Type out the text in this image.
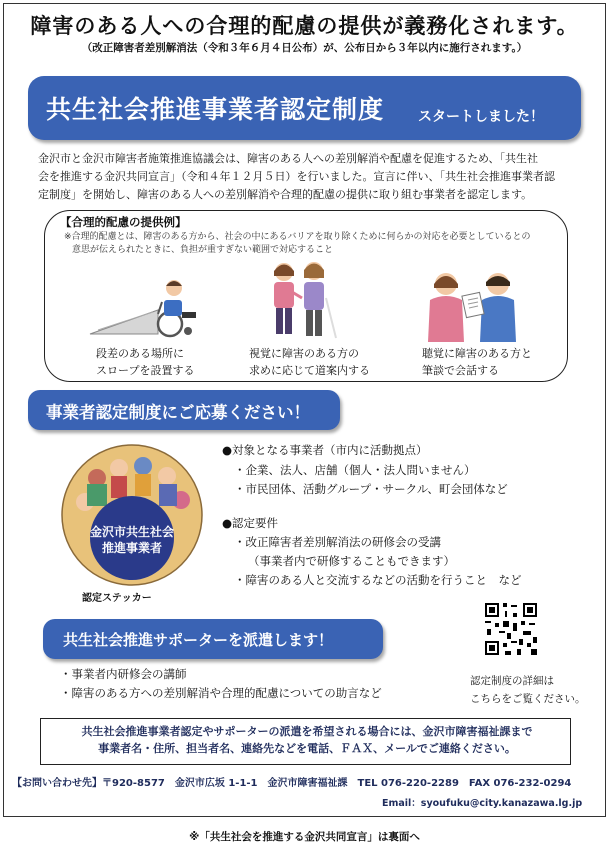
障害のある人への合理的配慮の提供が義務化されます。
（改正障害者差別解消法（令和３年６月４日公布）が、公布日から３年以内に施行されます。）
共生社会推進事業者認定制度 スタートしました！
金沢市と金沢市障害者施策推進協議会は、障害のある人への差別解消や配慮を促進するため、「共生社
会を推進する金沢共同宣言」（令和４年１２月５日）を行いました。宣言に伴い、「共生社会推進事業者認
定制度」を開始し、障害のある人への差別解消や合理的配慮の提供に取り組む事業者を認定します。
【合理的配慮の提供例】
※合理的配慮とは、障害のある方から、社会の中にあるバリアを取り除くために何らかの対応を必要としているとの
意思が伝えられたときに、負担が重すぎない範囲で対応すること
段差のある場所に
スロープを設置する
視覚に障害のある方の
求めに応じて道案内する
聴覚に障害のある方と
筆談で会話する
事業者認定制度にご応募ください！
金沢市共生社会
推進事業者
認定ステッカー
●対象となる事業者（市内に活動拠点）
・企業、法人、店舗（個人・法人問いません）
・市民団体、活動グループ・サークル、町会団体など
●認定要件
・改正障害者差別解消法の研修会の受講
（事業者内で研修することもできます）
・障害のある人と交流するなどの活動を行うこと　など
共生社会推進サポーターを派遣します！
認定制度の詳細は
こちらをご覧ください。
・事業者内研修会の講師
・障害のある方への差別解消や合理的配慮についての助言など
共生社会推進事業者認定やサポーターの派遣を希望される場合には、金沢市障害福祉課まで
事業者名・住所、担当者名、連絡先などを電話、ＦＡＸ、メールでご連絡ください。
【お問い合わせ先】〒920-8577　金沢市広坂 1-1-1　金沢市障害福祉課　TEL 076-220-2289　FAX 076-232-0294
Email：syoufuku@city.kanazawa.lg.jp
※「共生社会を推進する金沢共同宣言」は裏面へ
